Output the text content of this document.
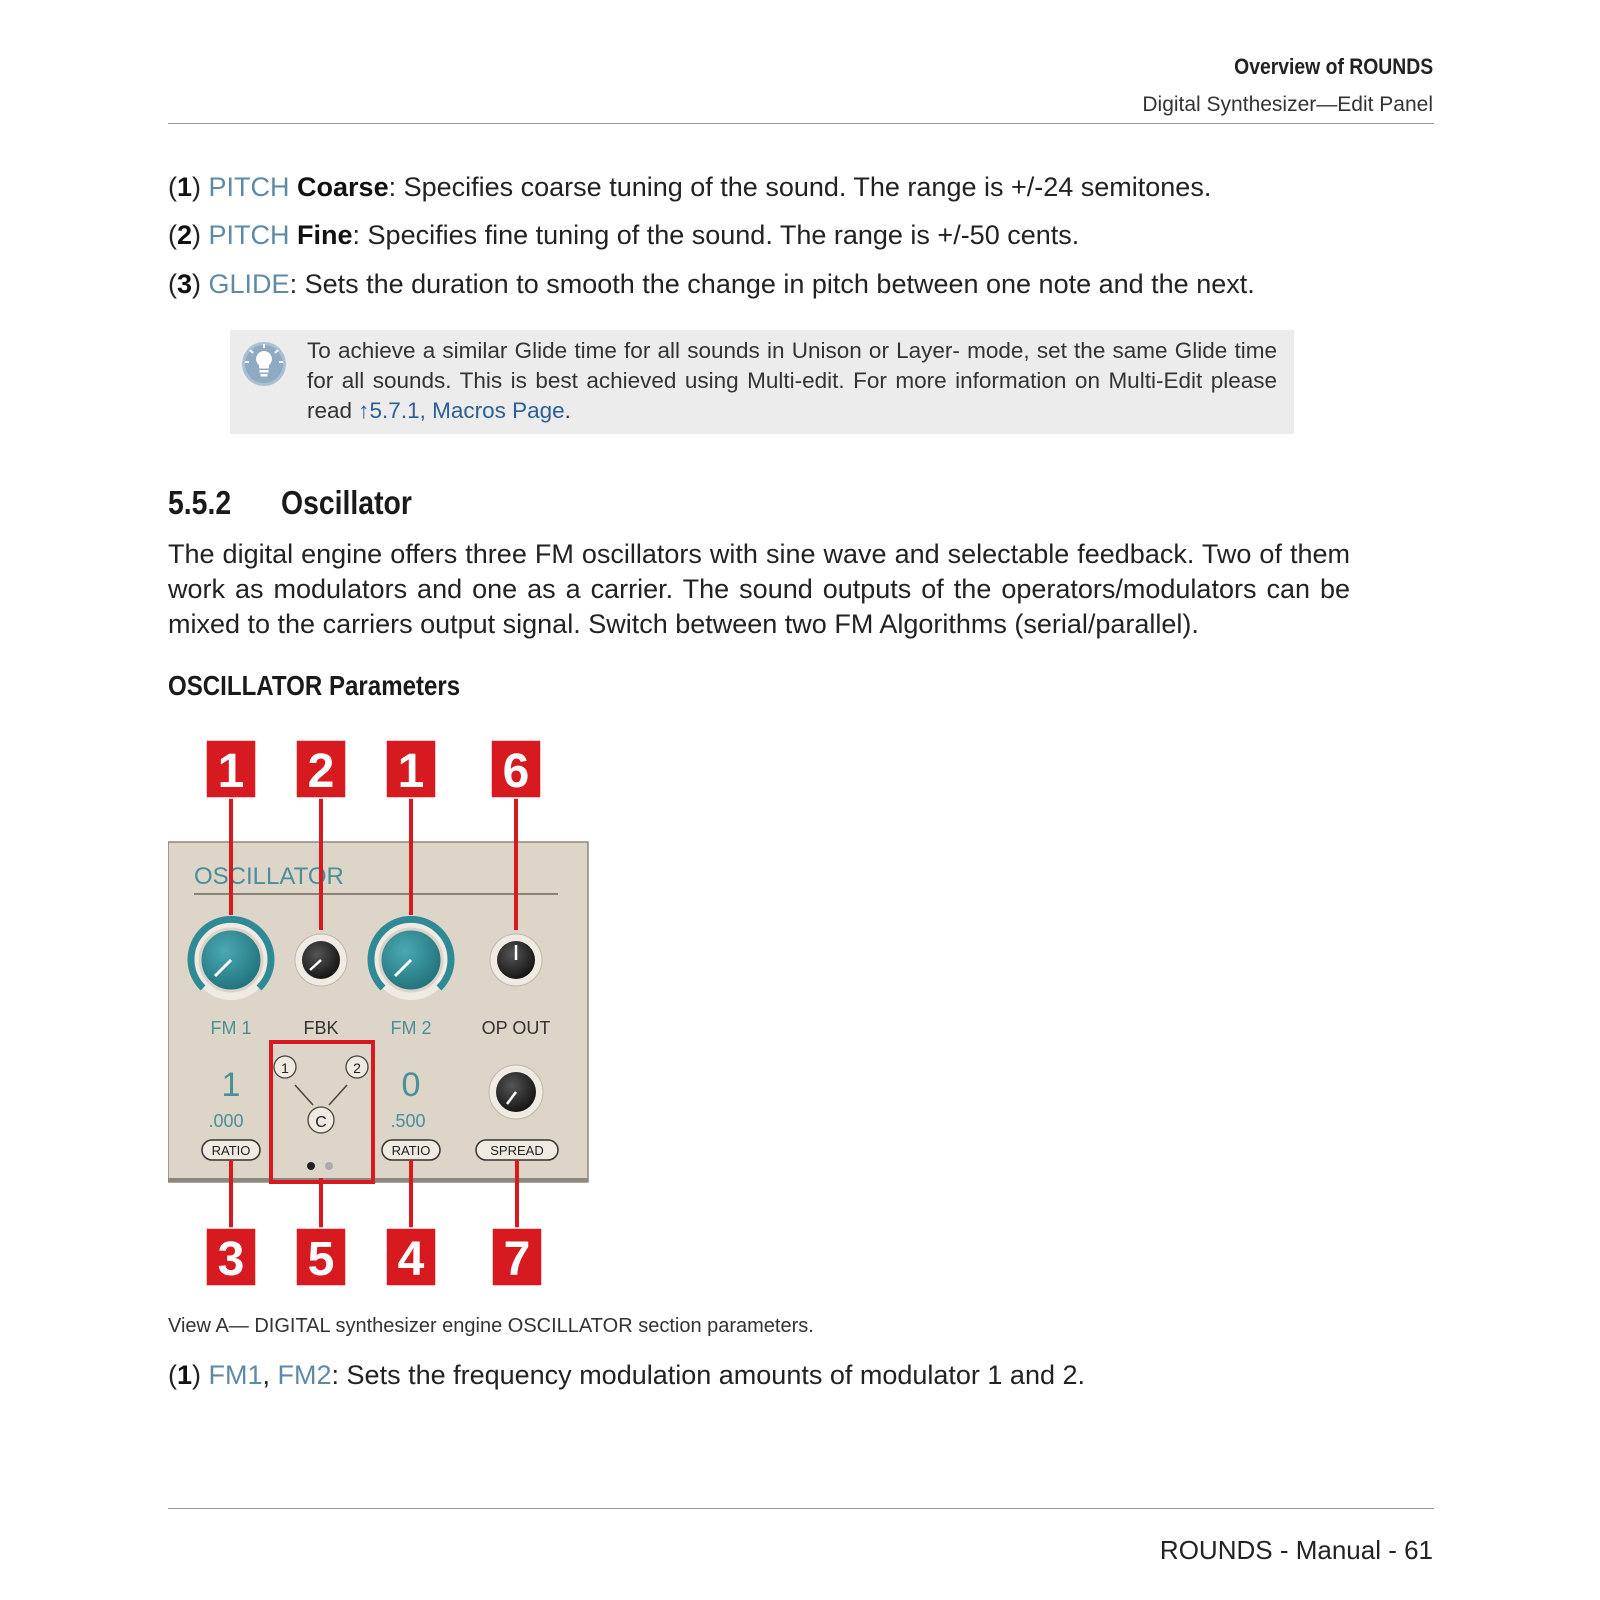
Overview of ROUNDS
Digital Synthesizer—Edit Panel
(1) PITCH Coarse: Specifies coarse tuning of the sound. The range is +/-24 semitones.
(2) PITCH Fine: Specifies fine tuning of the sound. The range is +/-50 cents.
(3) GLIDE: Sets the duration to smooth the change in pitch between one note and the next.
To achieve a similar Glide time for all sounds in Unison or Layer- mode, set the same Glide time for all sounds. This is best achieved using Multi-edit. For more information on Multi-Edit please read ↑5.7.1, Macros Page.
5.5.2 Oscillator
The digital engine offers three FM oscillators with sine wave and selectable feedback. Two of them work as modulators and one as a carrier. The sound outputs of the operators/modulators can be mixed to the carriers output signal. Switch between two FM Algorithms (serial/parallel).
OSCILLATOR Parameters
OSCILLATOR
FM 1	FBK	FM 2	OP OUT
1
.000
RATIO
1	2
C
0
.500
RATIO	SPREAD
1 2 1 6
3 5 4 7
View A— DIGITAL synthesizer engine OSCILLATOR section parameters.
(1) FM1, FM2: Sets the frequency modulation amounts of modulator 1 and 2.
ROUNDS - Manual - 61
